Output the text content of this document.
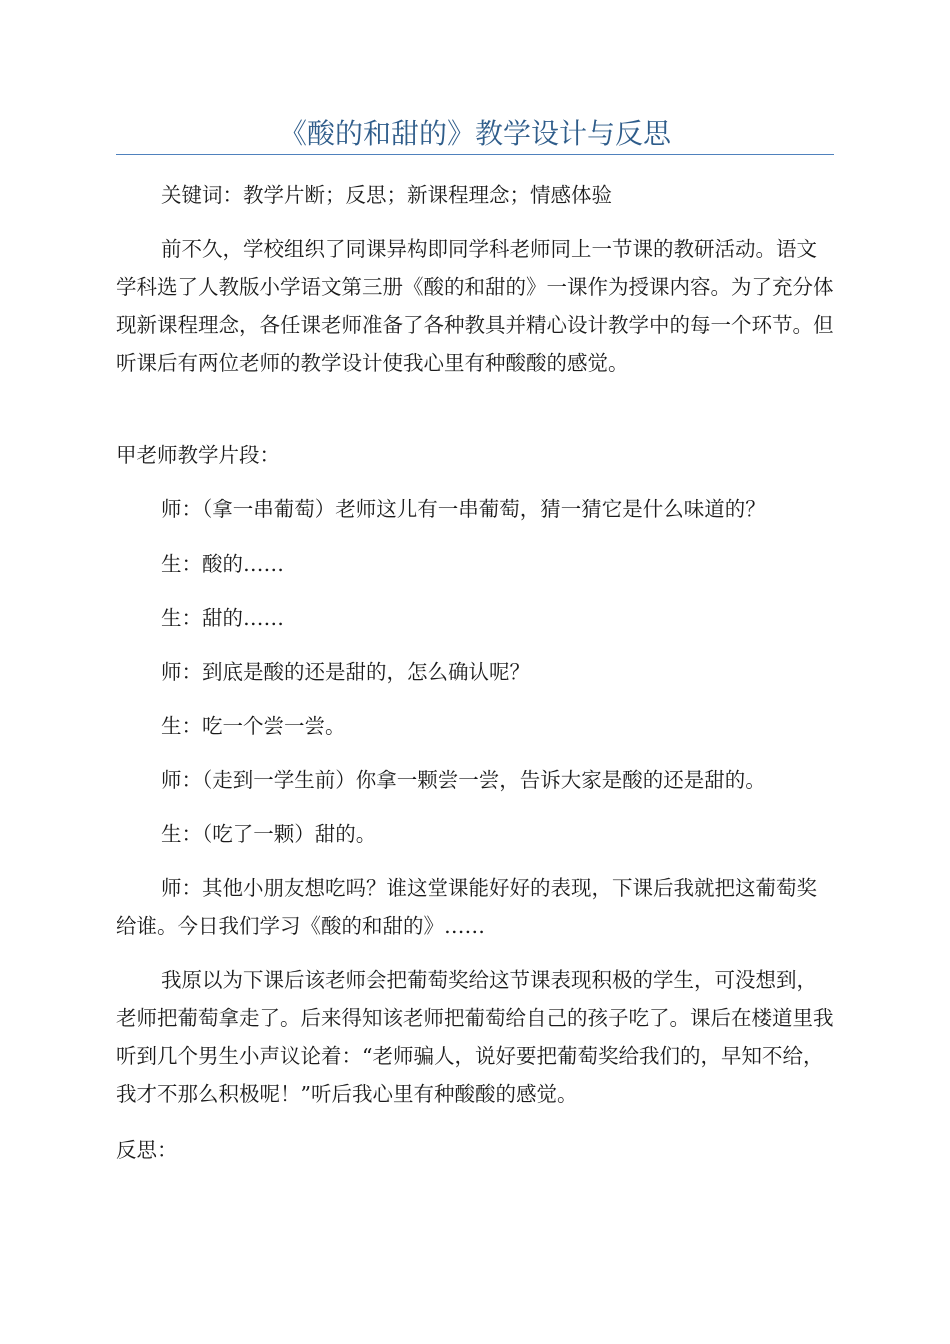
《酸的和甜的》教学设计与反思

关键词：教学片断；反思；新课程理念；情感体验

前不久，学校组织了同课异构即同学科老师同上一节课的教研活动。语文学科选了人教版小学语文第三册《酸的和甜的》一课作为授课内容。为了充分体现新课程理念，各任课老师准备了各种教具并精心设计教学中的每一个环节。但听课后有两位老师的教学设计使我心里有种酸酸的感觉。

甲老师教学片段：

师：（拿一串葡萄）老师这儿有一串葡萄，猜一猜它是什么味道的？

生：酸的……

生：甜的……

师：到底是酸的还是甜的，怎么确认呢？

生：吃一个尝一尝。

师：（走到一学生前）你拿一颗尝一尝，告诉大家是酸的还是甜的。

生：（吃了一颗）甜的。

师：其他小朋友想吃吗？谁这堂课能好好的表现，下课后我就把这葡萄奖给谁。今日我们学习《酸的和甜的》……

我原以为下课后该老师会把葡萄奖给这节课表现积极的学生，可没想到，老师把葡萄拿走了。后来得知该老师把葡萄给自己的孩子吃了。课后在楼道里我听到几个男生小声议论着：“老师骗人，说好要把葡萄奖给我们的，早知不给，我才不那么积极呢！”听后我心里有种酸酸的感觉。

反思：
